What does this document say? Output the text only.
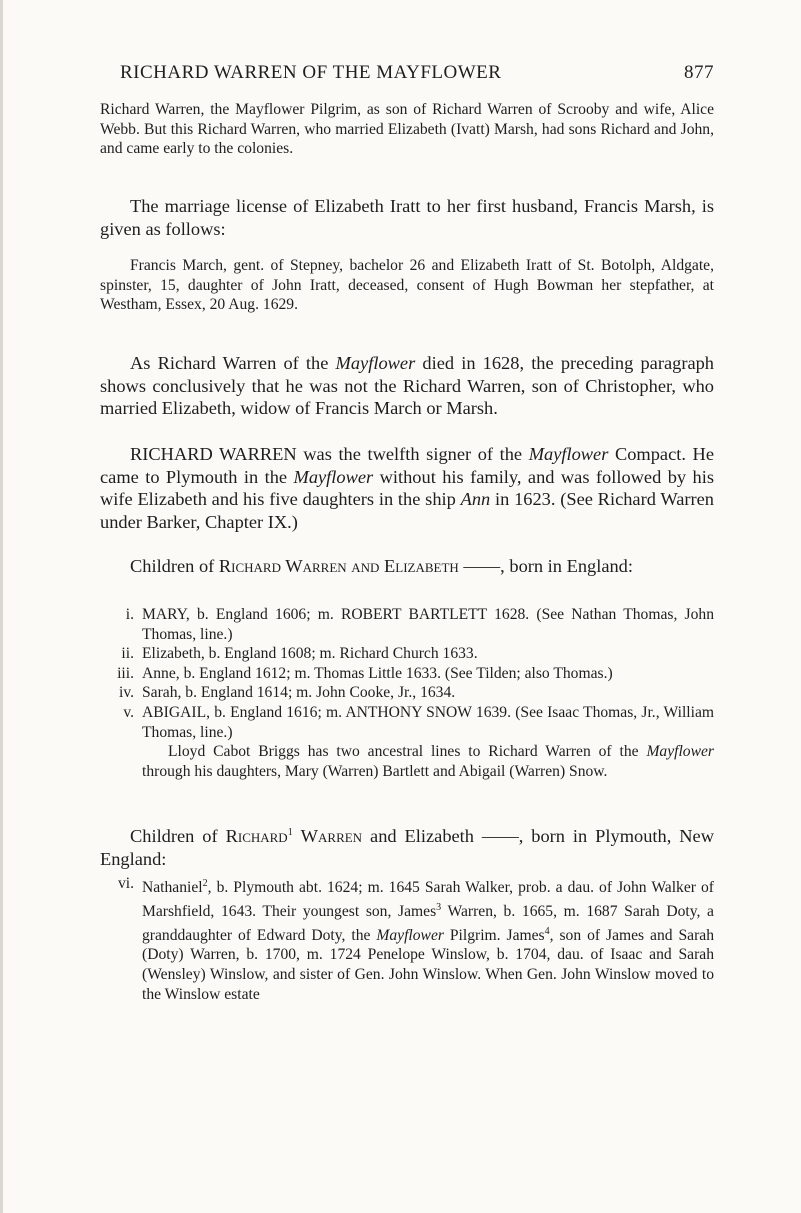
RICHARD WARREN OF THE MAYFLOWER	877
Richard Warren, the Mayflower Pilgrim, as son of Richard Warren of Scrooby and wife, Alice Webb. But this Richard Warren, who married Elizabeth (Ivatt) Marsh, had sons Richard and John, and came early to the colonies.
The marriage license of Elizabeth Iratt to her first husband, Francis Marsh, is given as follows:
Francis March, gent. of Stepney, bachelor 26 and Elizabeth Iratt of St. Botolph, Aldgate, spinster, 15, daughter of John Iratt, deceased, consent of Hugh Bowman her stepfather, at Westham, Essex, 20 Aug. 1629.
As Richard Warren of the Mayflower died in 1628, the preceding paragraph shows conclusively that he was not the Richard Warren, son of Christopher, who married Elizabeth, widow of Francis March or Marsh.
RICHARD WARREN was the twelfth signer of the Mayflower Compact. He came to Plymouth in the Mayflower without his family, and was followed by his wife Elizabeth and his five daughters in the ship Ann in 1623. (See Richard Warren under Barker, Chapter IX.)
Children of Richard Warren and Elizabeth ——, born in England:
i. MARY, b. England 1606; m. ROBERT BARTLETT 1628. (See Nathan Thomas, John Thomas, line.)
ii. Elizabeth, b. England 1608; m. Richard Church 1633.
iii. Anne, b. England 1612; m. Thomas Little 1633. (See Tilden; also Thomas.)
iv. Sarah, b. England 1614; m. John Cooke, Jr., 1634.
v. ABIGAIL, b. England 1616; m. ANTHONY SNOW 1639. (See Isaac Thomas, Jr., William Thomas, line.)
Lloyd Cabot Briggs has two ancestral lines to Richard Warren of the Mayflower through his daughters, Mary (Warren) Bartlett and Abigail (Warren) Snow.
Children of Richard$^1$ Warren and Elizabeth ——, born in Plymouth, New England:
vi. Nathaniel$^2$, b. Plymouth abt. 1624; m. 1645 Sarah Walker, prob. a dau. of John Walker of Marshfield, 1643. Their youngest son, James$^3$ Warren, b. 1665, m. 1687 Sarah Doty, a granddaughter of Edward Doty, the Mayflower Pilgrim. James$^4$, son of James and Sarah (Doty) Warren, b. 1700, m. 1724 Penelope Winslow, b. 1704, dau. of Isaac and Sarah (Wensley) Winslow, and sister of Gen. John Winslow. When Gen. John Winslow moved to the Winslow estate
